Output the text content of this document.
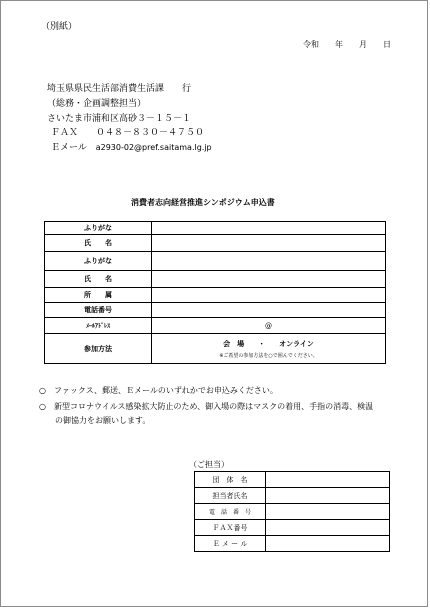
（別紙）
令和　　年　　月　　日
埼玉県県民生活部消費生活課　　行
（総務・企画調整担当）
さいたま市浦和区高砂３－１５－１
ＦＡＸ　　０４８－８３０－４７５０
Ｅメール a2930-02@pref.saitama.lg.jp
消費者志向経営推進シンポジウム申込書
ふりがな	
氏　　名	
ふりがな	
氏　　名	
所　　属	
電話番号	
ﾒｰﾙｱﾄﾞﾚｽ	@
参加方法	会　場　　・　　オンライン
※ご希望の参加方法を○で囲んでください。
○　ファックス、郵送、Ｅメールのいずれかでお申込みください。
○　新型コロナウイルス感染拡大防止のため、御入場の際はマスクの着用、手指の消毒、検温
　　の御協力をお願いします。
（ご担当）
団　体　名	
担当者氏名	
電　話　番　号	
ＦＡＸ番号	
Ｅ メ ー ル	
